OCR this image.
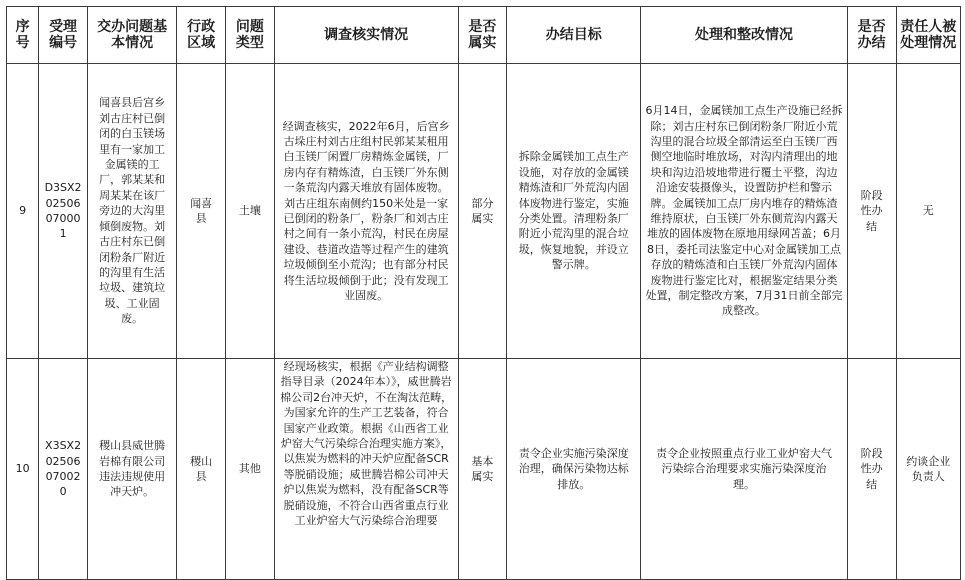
序号	受理编号	交办问题基本情况	行政区域	问题类型	调查核实情况	是否属实	办结目标	处理和整改情况	是否办结	责任人被处理情况
9	D3SX202506070001	闻喜县后宫乡刘古庄村已倒闭的白玉镁场里有一家加工金属镁的工厂，郭某某和周某某在该厂旁边的大沟里倾倒废物。刘古庄村东已倒闭粉条厂附近的沟里有生活垃圾、建筑垃圾、工业固废。	闻喜县	土壤	经调查核实，2022年6月，后宫乡古垛庄村刘古庄组村民郭某某租用白玉镁厂闲置厂房精炼金属镁，厂房内存有精炼渣，白玉镁厂外东侧一条荒沟内露天堆放有固体废物。刘古庄组东南侧约150米处是一家已倒闭的粉条厂，粉条厂和刘古庄村之间有一条小荒沟，村民在房屋建设、巷道改造等过程产生的建筑垃圾倾倒至小荒沟；也有部分村民将生活垃圾倾倒于此；没有发现工业固废。	部分属实	拆除金属镁加工点生产设施，对存放的金属镁精炼渣和厂外荒沟内固体废物进行鉴定，实施分类处置。清理粉条厂附近小荒沟里的混合垃圾，恢复地貌，并设立警示牌。	6月14日，金属镁加工点生产设施已经拆除；刘古庄村东已倒闭粉条厂附近小荒沟里的混合垃圾全部清运至白玉镁厂西侧空地临时堆放场，对沟内清理出的地块和沟边沿坡地带进行覆土平整，沟边沿途安装摄像头，设置防护栏和警示牌。金属镁加工点厂房内堆存的精炼渣维持原状，白玉镁厂外东侧荒沟内露天堆放的固体废物在原地用绿网苫盖；6月8日，委托司法鉴定中心对金属镁加工点存放的精炼渣和白玉镁厂外荒沟内固体废物进行鉴定比对，根据鉴定结果分类处置，制定整改方案，7月31日前全部完成整改。	阶段性办结	无
10	X3SX202506070020	稷山县威世腾岩棉有限公司违法违规使用冲天炉。	稷山县	其他	经现场核实，根据《产业结构调整指导目录（2024年本）》，威世腾岩棉公司2台冲天炉，不在淘汰范畴，为国家允许的生产工艺装备，符合国家产业政策。根据《山西省工业炉窑大气污染综合治理实施方案》，以焦炭为燃料的冲天炉应配备SCR等脱硝设施；威世腾岩棉公司冲天炉以焦炭为燃料，没有配备SCR等脱硝设施，不符合山西省重点行业工业炉窑大气污染综合治理要	基本属实	责令企业实施污染深度治理，确保污染物达标排放。	责令企业按照重点行业工业炉窑大气污染综合治理要求实施污染深度治理。	阶段性办结	约谈企业负责人
